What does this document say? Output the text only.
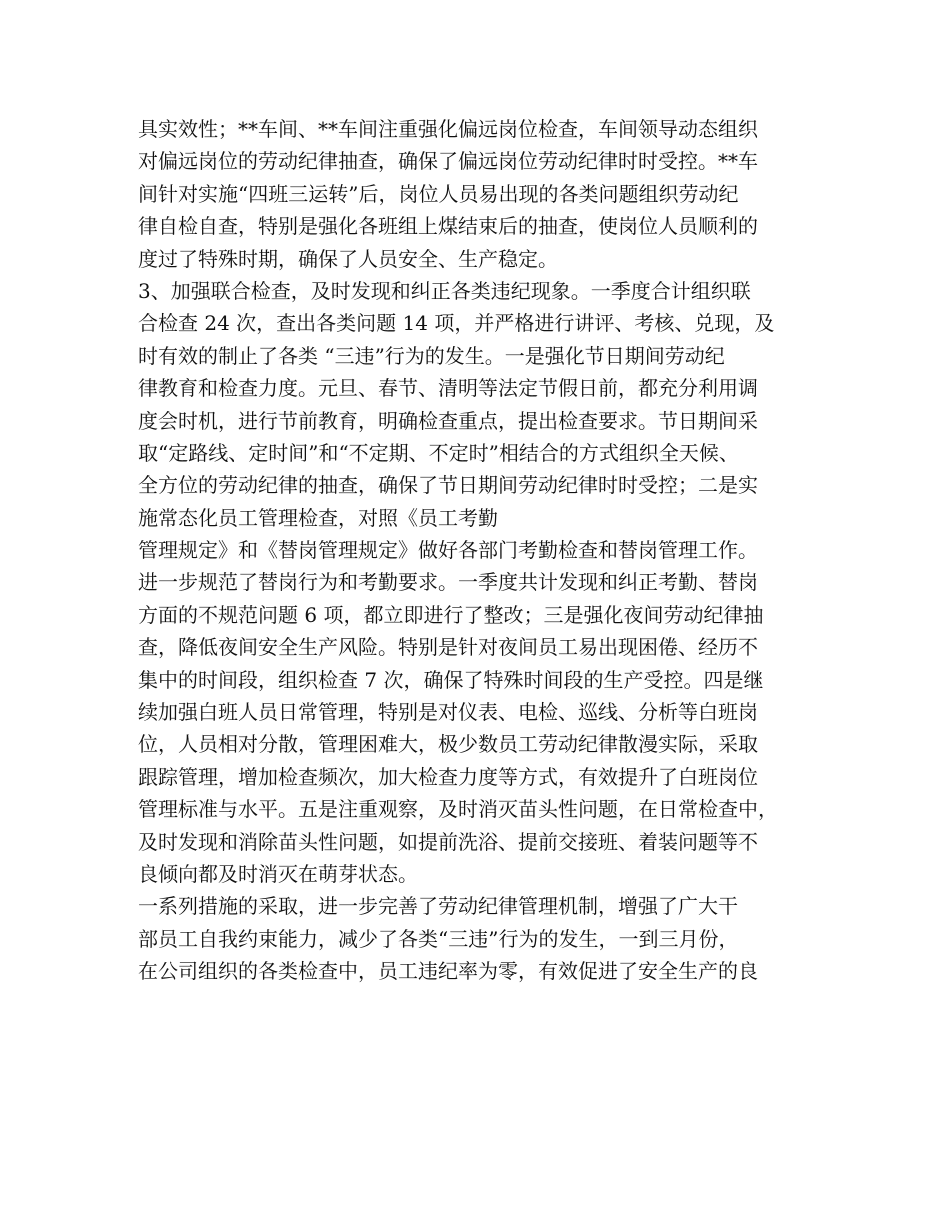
具实效性；**车间、**车间注重强化偏远岗位检查，车间领导动态组织
对偏远岗位的劳动纪律抽查，确保了偏远岗位劳动纪律时时受控。**车
间针对实施“四班三运转”后，岗位人员易出现的各类问题组织劳动纪
律自检自查，特别是强化各班组上煤结束后的抽查，使岗位人员顺利的
度过了特殊时期，确保了人员安全、生产稳定。
3、加强联合检查，及时发现和纠正各类违纪现象。一季度合计组织联
合检查 24 次，查出各类问题 14 项，并严格进行讲评、考核、兑现，及
时有效的制止了各类 “三违”行为的发生。一是强化节日期间劳动纪
律教育和检查力度。元旦、春节、清明等法定节假日前，都充分利用调
度会时机，进行节前教育，明确检查重点，提出检查要求。节日期间采
取“定路线、定时间”和“不定期、不定时”相结合的方式组织全天候、
全方位的劳动纪律的抽查，确保了节日期间劳动纪律时时受控；二是实
施常态化员工管理检查，对照《员工考勤
管理规定》和《替岗管理规定》做好各部门考勤检查和替岗管理工作。
进一步规范了替岗行为和考勤要求。一季度共计发现和纠正考勤、替岗
方面的不规范问题 6 项，都立即进行了整改；三是强化夜间劳动纪律抽
查，降低夜间安全生产风险。特别是针对夜间员工易出现困倦、经历不
集中的时间段，组织检查 7 次，确保了特殊时间段的生产受控。四是继
续加强白班人员日常管理，特别是对仪表、电检、巡线、分析等白班岗
位，人员相对分散，管理困难大，极少数员工劳动纪律散漫实际，采取
跟踪管理，增加检查频次，加大检查力度等方式，有效提升了白班岗位
管理标准与水平。五是注重观察，及时消灭苗头性问题，在日常检查中，
及时发现和消除苗头性问题，如提前洗浴、提前交接班、着装问题等不
良倾向都及时消灭在萌芽状态。
一系列措施的采取，进一步完善了劳动纪律管理机制，增强了广大干
部员工自我约束能力，减少了各类“三违”行为的发生，一到三月份，
在公司组织的各类检查中，员工违纪率为零，有效促进了安全生产的良
